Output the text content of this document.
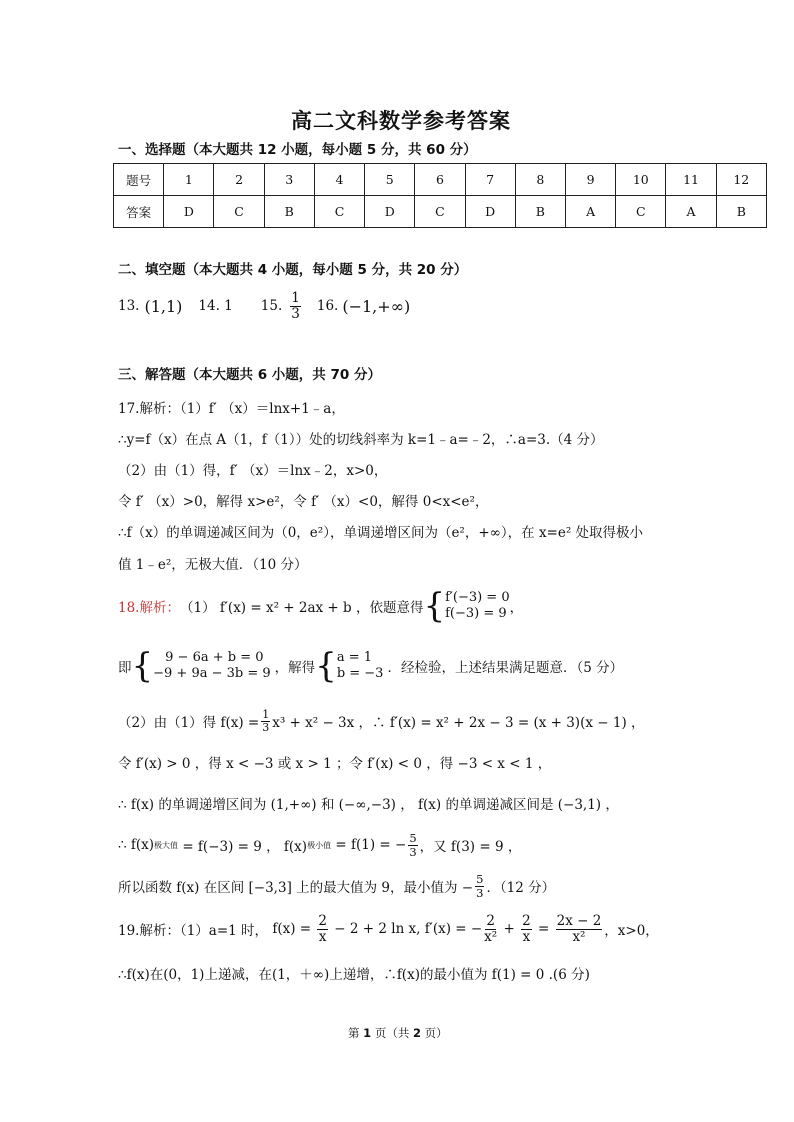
高二文科数学参考答案
一、选择题（本大题共 12 小题，每小题 5 分，共 60 分）
题号	1	2	3	4	5	6	7	8	9	10	11	12
答案	D	C	B	C	D	C	D	B	A	C	A	B
二、填空题（本大题共 4 小题，每小题 5 分，共 20 分）
13. (1,1) 14. 1 15. $\frac{1}{3} 16$. (−1,+∞)
三、解答题（本大题共 6 小题，共 70 分）
17.解析：（1）f′ （x）＝lnx+1﹣a，
∴y=f（x）在点 A（1，f（1））处的切线斜率为 k=1﹣a=﹣2，∴a=3.（4 分）
（2）由（1）得，f′ （x）＝lnx﹣2，x>0，
令 f′ （x）>0，解得 x>e²，令 f′ （x）<0，解得 0<x<e²，
∴f（x）的单调递减区间为（0，e²），单调递增区间为（e²，+∞），在 x=e² 处取得极小
值 1﹣e²，无极大值．（10 分）
18.解析： （1） f′(x) = x² + 2ax + b ，依题意得 { f′(−3) = 0
f(−3) = 9 ，
即 { 9 − 6a + b = 0
−9 + 9a − 3b = 9 ，解得 { a = 1
b = −3 ．经检验，上述结果满足题意．（5 分）
（2）由（1）得 $f(x) = \frac{1}{3} x^3 + x^2 - 3x$ ，∴ f′(x) = x² + 2x − 3 = (x + 3)(x − 1) ，
令 f′(x) > 0 ，得 x < −3 或 x > 1 ；令 f′(x) < 0 ，得 −3 < x < 1 ，
∴ f(x) 的单调递增区间为 (1,+∞) 和 (−∞,−3) ， f(x) 的单调递减区间是 (−3,1) ，
∴ f(x) 极大值 = f(−3) = 9 ， f(x) 极小值 = f(1) = − $\frac{5}{3}$ ，又 f(3) = 9 ，
所以函数 f(x) 在区间 [−3,3] 上的最大值为 9，最小值为 − $\frac{5}{3}$ ．（12 分）
19.解析：（1）a=1 时， $f(x) = \frac{2}{x} - 2 + 2$ ln x, f′(x) = − $\frac{2}{\text{x²}} + \frac{2}{x} = \frac{2x - 2}{\text{x²}}$ ，x>0，
∴f(x)在(0，1)上递减，在(1，＋∞)上递增，∴f(x)的最小值为 f(1) = 0 .(6 分)
第 1 页（共 2 页）
